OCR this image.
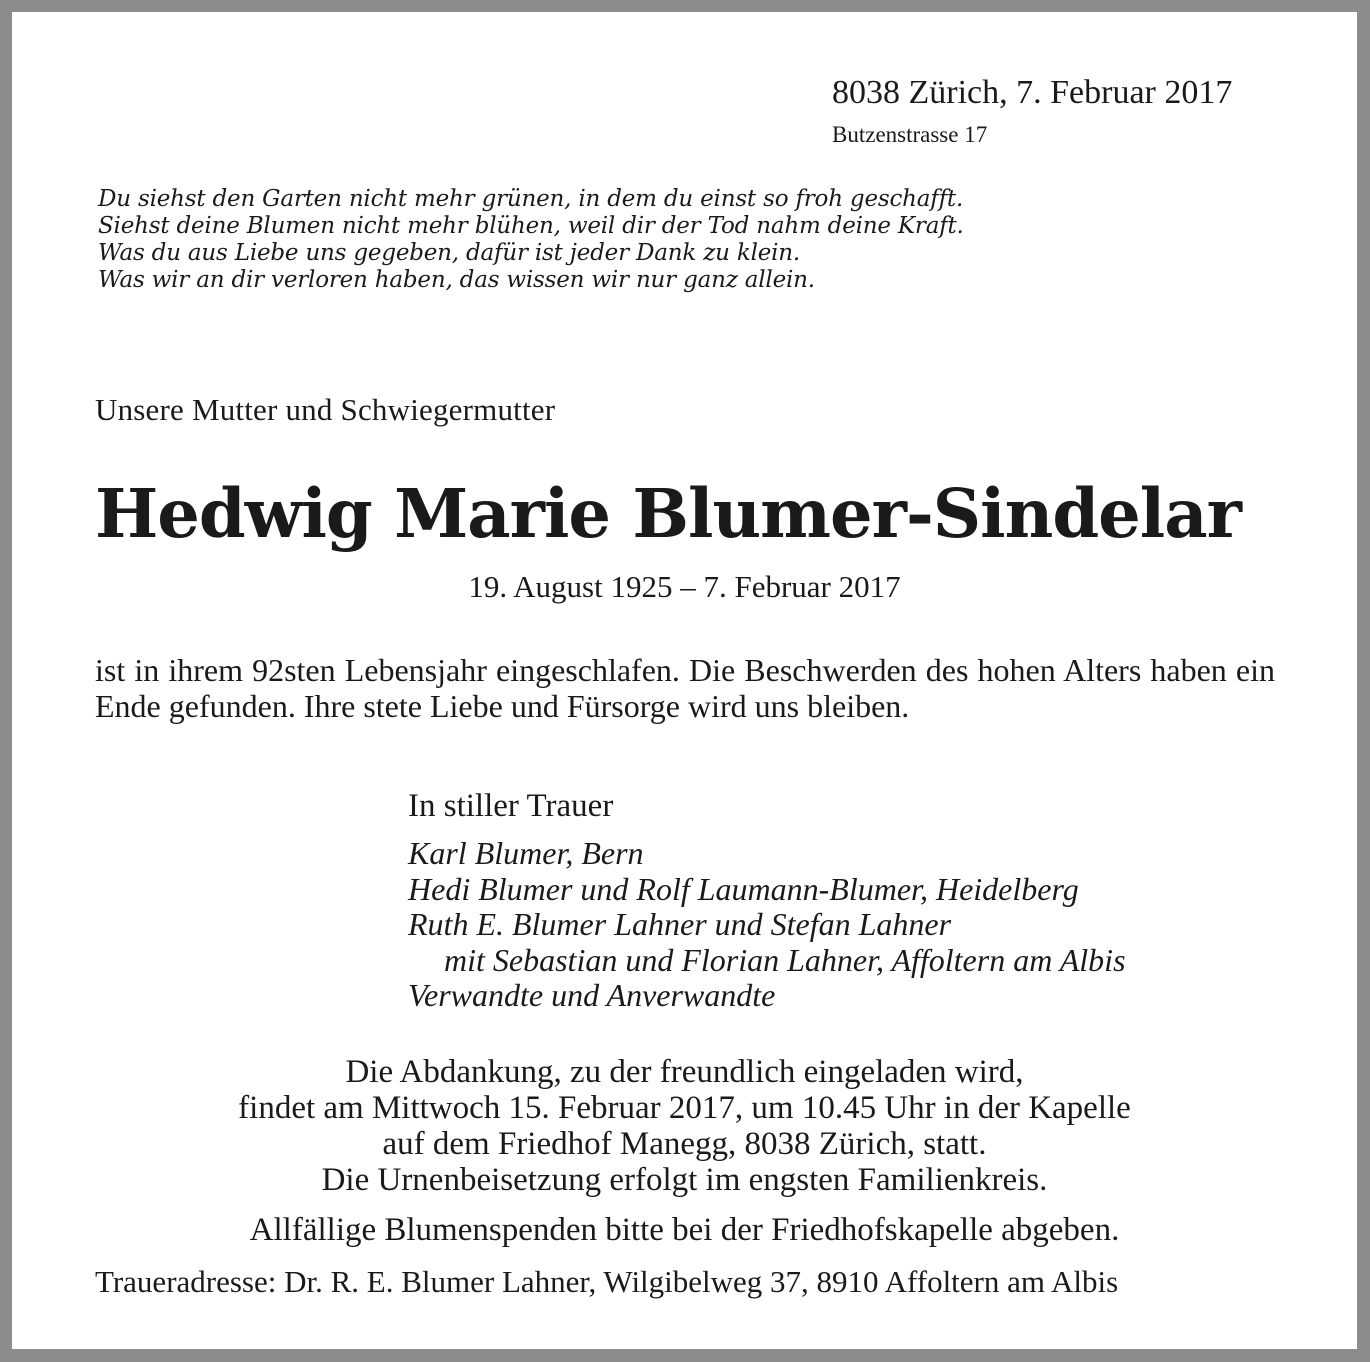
8038 Zürich, 7. Februar 2017
Butzenstrasse 17
Du siehst den Garten nicht mehr grünen, in dem du einst so froh geschafft.
Siehst deine Blumen nicht mehr blühen, weil dir der Tod nahm deine Kraft.
Was du aus Liebe uns gegeben, dafür ist jeder Dank zu klein.
Was wir an dir verloren haben, das wissen wir nur ganz allein.
Unsere Mutter und Schwiegermutter
Hedwig Marie Blumer-Sindelar
19. August 1925 – 7. Februar 2017
ist in ihrem 92sten Lebensjahr eingeschlafen. Die Beschwerden des hohen Alters haben ein Ende gefunden. Ihre stete Liebe und Fürsorge wird uns bleiben.
In stiller Trauer
Karl Blumer, Bern
Hedi Blumer und Rolf Laumann-Blumer, Heidelberg
Ruth E. Blumer Lahner und Stefan Lahner
mit Sebastian und Florian Lahner, Affoltern am Albis
Verwandte und Anverwandte
Die Abdankung, zu der freundlich eingeladen wird,
findet am Mittwoch 15. Februar 2017, um 10.45 Uhr in der Kapelle
auf dem Friedhof Manegg, 8038 Zürich, statt.
Die Urnenbeisetzung erfolgt im engsten Familienkreis.
Allfällige Blumenspenden bitte bei der Friedhofskapelle abgeben.
Traueradresse: Dr. R. E. Blumer Lahner, Wilgibelweg 37, 8910 Affoltern am Albis
